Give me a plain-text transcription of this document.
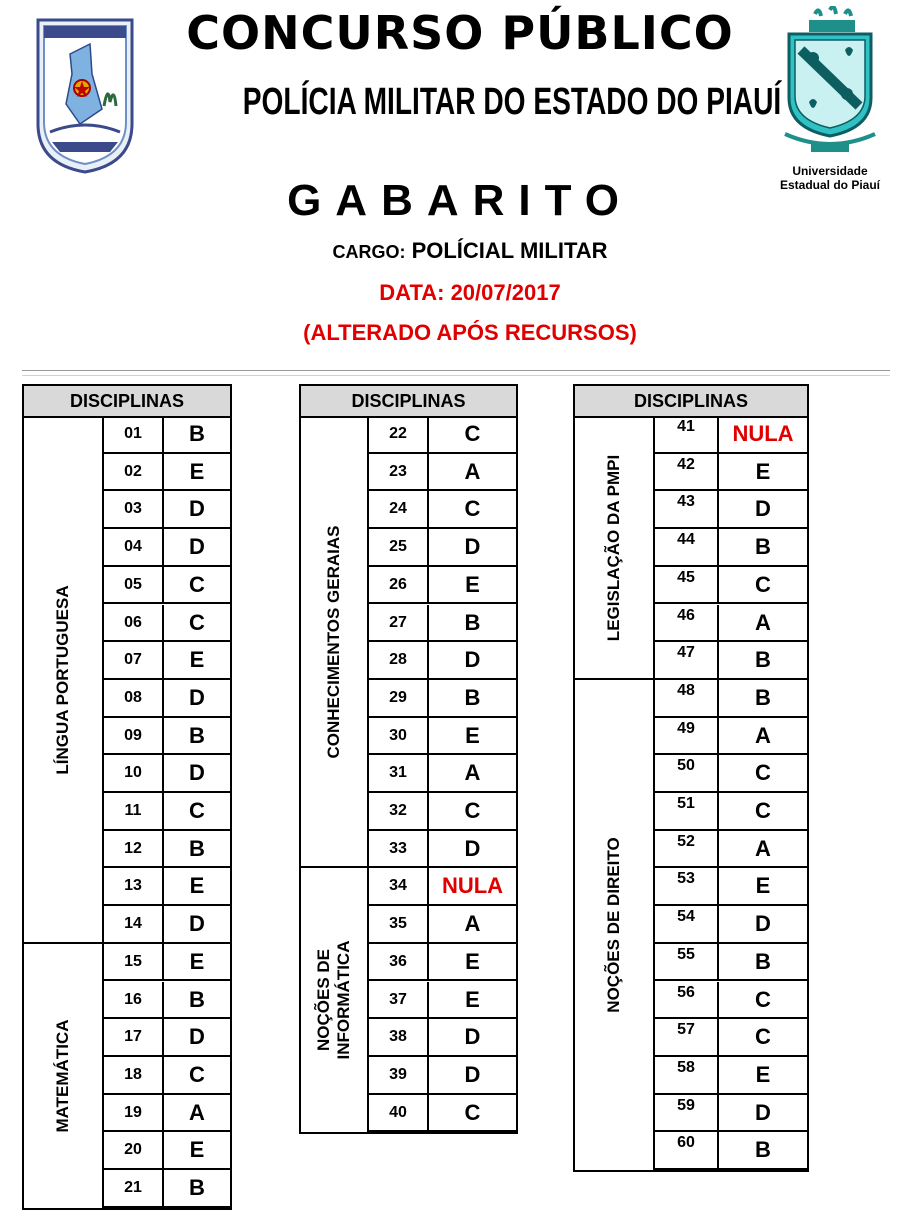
Universidade
Estadual do Piauí
CONCURSO PÚBLICO
POLÍCIA MILITAR DO ESTADO DO PIAUÍ
GABARITO
CARGO: POLÍCIAL MILITAR
DATA: 20/07/2017
(ALTERADO APÓS RECURSOS)
DISCIPLINAS
LÍNGUA PORTUGUESA
01	B
02	E
03	D
04	D
05	C
06	C
07	E
08	D
09	B
10	D
11	C
12	B
13	E
14	D
MATEMÁTICA
15	E
16	B
17	D
18	C
19	A
20	E
21	B
DISCIPLINAS
CONHECIMENTOS GERAIAS
22	C
23	A
24	C
25	D
26	E
27	B
28	D
29	B
30	E
31	A
32	C
33	D
NOÇÕES DE INFORMÁTICA
34	NULA
35	A
36	E
37	E
38	D
39	D
40	C
DISCIPLINAS
LEGISLAÇÃO DA PMPI
41	NULA
42	E
43	D
44	B
45	C
46	A
47	B
NOÇÕES DE DIREITO
48	B
49	A
50	C
51	C
52	A
53	E
54	D
55	B
56	C
57	C
58	E
59	D
60	B
